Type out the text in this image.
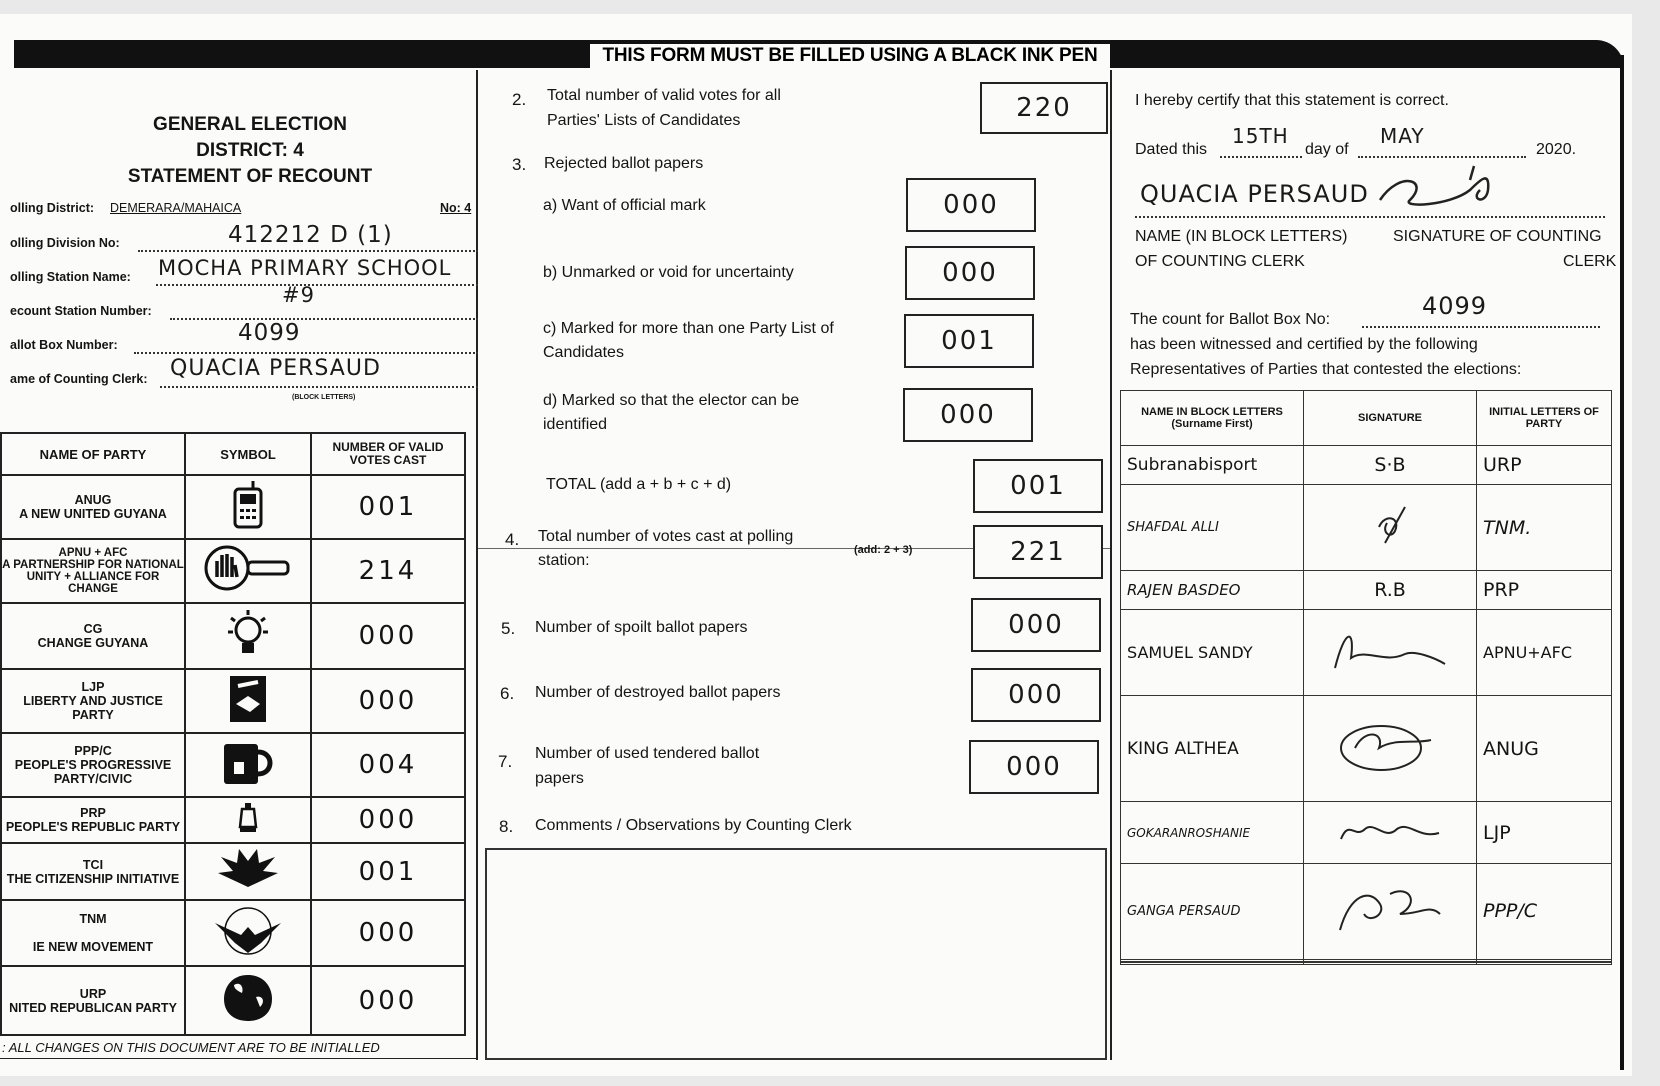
THIS FORM MUST BE FILLED USING A BLACK INK PEN
GENERAL ELECTION
DISTRICT: 4
STATEMENT OF RECOUNT
olling District: DEMERARA/MAHAICA	No: 4
olling Division No:	412212 D (1)
olling Station Name: MOCHA PRIMARY SCHOOL
#9
ecount Station Number:
allot Box Number:	4099
ame of Counting Clerk: QUACIA PERSAUD
(BLOCK LETTERS)
NAME OF PARTY	SYMBOL	NUMBER OF VALID VOTES CAST

ANUG
A NEW UNITED GUYANA		001

APNU + AFC
A PARTNERSHIP FOR NATIONAL UNITY + ALLIANCE FOR CHANGE		214

CG
CHANGE GUYANA		000

LJP
LIBERTY AND JUSTICE PARTY		000

PPP/C
PEOPLE'S PROGRESSIVE PARTY/CIVIC		004

PRP
PEOPLE'S REPUBLIC PARTY		000

TCI
THE CITIZENSHIP INITIATIVE		001

TNM

IE NEW MOVEMENT		000

URP
NITED REPUBLICAN PARTY		000
: ALL CHANGES ON THIS DOCUMENT ARE TO BE INITIALLED
2. Total number of valid votes for all
Parties' Lists of Candidates	220
3. Rejected ballot papers
a) Want of official mark	000
b) Unmarked or void for uncertainty	000
c) Marked for more than one Party List of
Candidates	001
d) Marked so that the elector can be
identified	000
TOTAL (add a + b + c + d)	001
4. Total number of votes cast at polling
station:
(add: 2 + 3)	221
5. Number of spoilt ballot papers	000
6. Number of destroyed ballot papers	000
7. Number of used tendered ballot
papers	000
8. Comments / Observations by Counting Clerk
I hereby certify that this statement is correct.
Dated this
15TH
day of
MAY
2020.
QUACIA PERSAUD
NAME (IN BLOCK LETTERS)
OF COUNTING CLERK
SIGNATURE OF COUNTING
CLERK
The count for Ballot Box No:	4099
has been witnessed and certified by the following
Representatives of Parties that contested the elections:
NAME IN BLOCK LETTERS (Surname First)	SIGNATURE	INITIAL LETTERS OF PARTY
Subranabisport	S·B	URP
SHAFDAL ALLI		TNM.
RAJEN BASDEO	R.B	PRP
SAMUEL SANDY		APNU+AFC
KING ALTHEA		ANUG
GOKARANROSHANIE		LJP
GANGA PERSAUD		PPP/C
